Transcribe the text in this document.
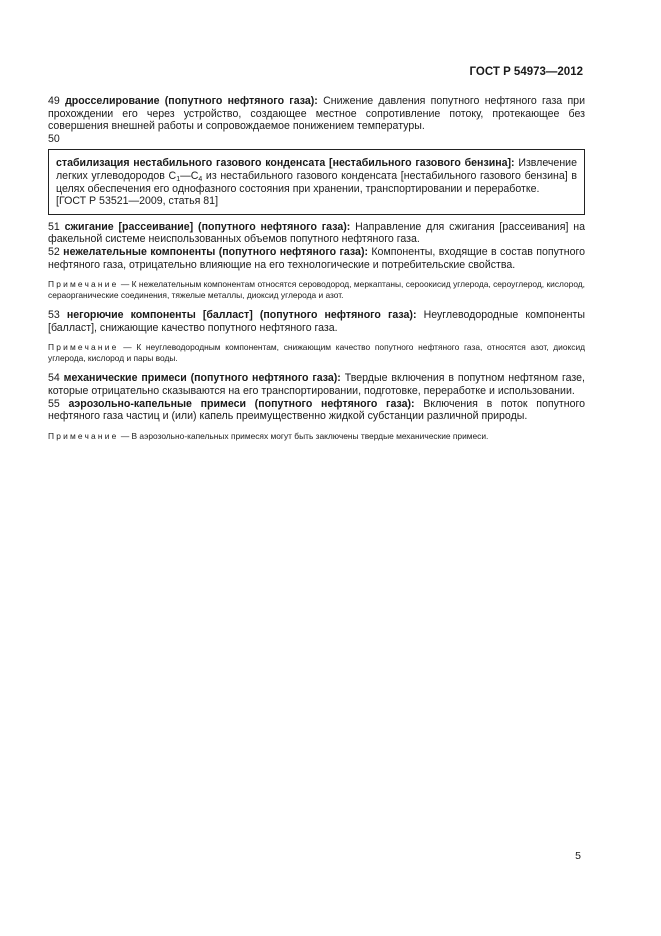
ГОСТ Р 54973—2012

49 дросселирование (попутного нефтяного газа): Снижение давления попутного нефтяного газа при прохождении его через устройство, создающее местное сопротивление потоку, протекающее без совершения внешней работы и сопровождаемое понижением температуры.

50

стабилизация нестабильного газового конденсата [нестабильного газового бензина]: Извлечение легких углеводородов $С_1—С_4$ из нестабильного газового конденсата [нестабильного газового бензина] в целях обеспечения его однофазного состояния при хранении, транспортировании и переработке.

[ГОСТ Р 53521—2009, статья 81]

51 сжигание [рассеивание] (попутного нефтяного газа): Направление для сжигания [рассеивания] на факельной системе неиспользованных объемов попутного нефтяного газа.

52 нежелательные компоненты (попутного нефтяного газа): Компоненты, входящие в состав попутного нефтяного газа, отрицательно влияющие на его технологические и потребительские свойства.

Примечание — К нежелательным компонентам относятся сероводород, меркаптаны, сероокисид углерода, сероуглерод, кислород, сераорганические соединения, тяжелые металлы, диоксид углерода и азот.

53 негорючие компоненты [балласт] (попутного нефтяного газа): Неуглеводородные компоненты [балласт], снижающие качество попутного нефтяного газа.

Примечание — К неуглеводородным компонентам, снижающим качество попутного нефтяного газа, относятся азот, диоксид углерода, кислород и пары воды.

54 механические примеси (попутного нефтяного газа): Твердые включения в попутном нефтяном газе, которые отрицательно сказываются на его транспортировании, подготовке, переработке и использовании.

55 аэрозольно-капельные примеси (попутного нефтяного газа): Включения в поток попутного нефтяного газа частиц и (или) капель преимущественно жидкой субстанции различной природы.

Примечание — В аэрозольно-капельных примесях могут быть заключены твердые механические примеси.

5
